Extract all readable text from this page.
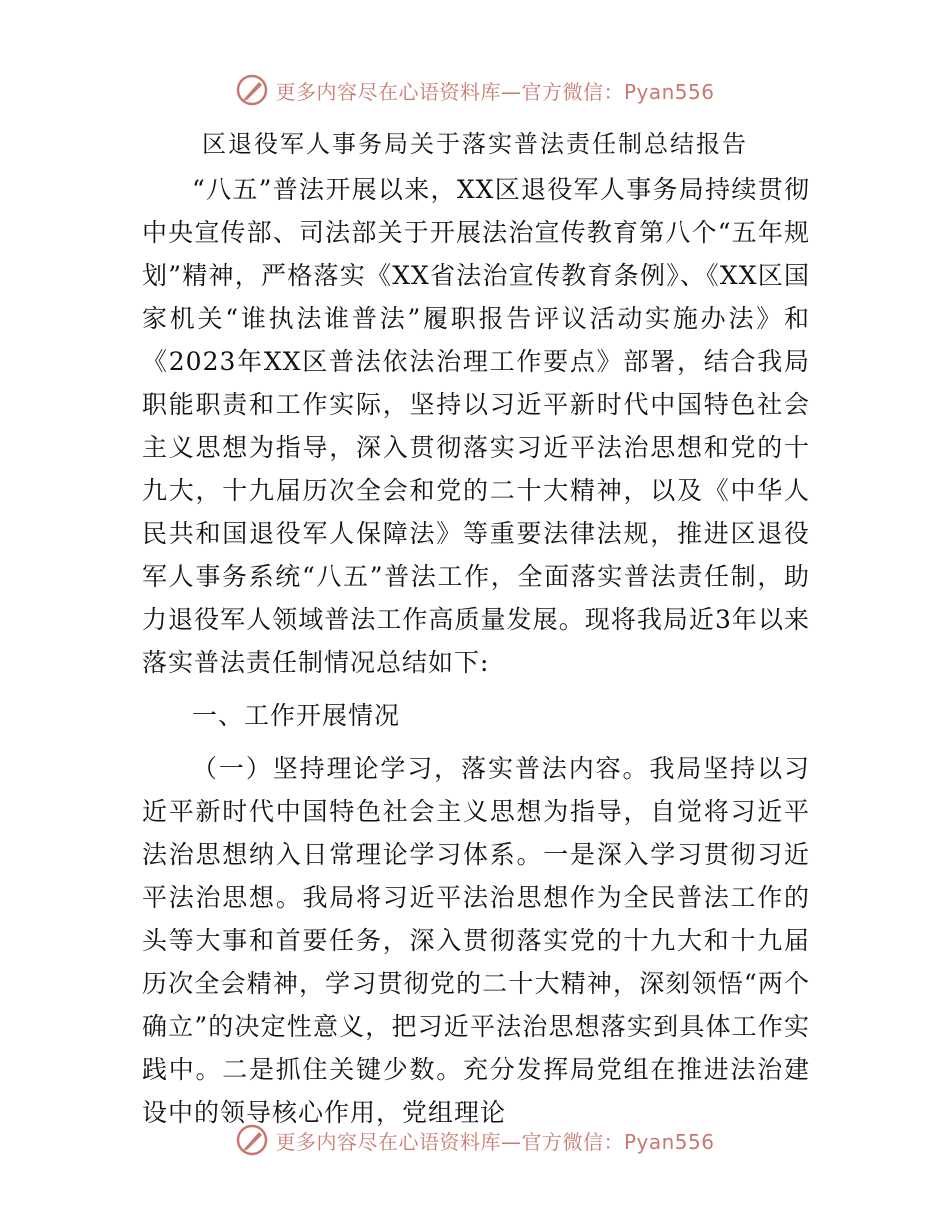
更多内容尽在心语资料库—官方微信：Pyan556
区退役军人事务局关于落实普法责任制总结报告

“八五”普法开展以来，XX区退役军人事务局持续贯彻中央宣传部、司法部关于开展法治宣传教育第八个“五年规划”精神，严格落实《XX省法治宣传教育条例》、《XX区国家机关“谁执法谁普法”履职报告评议活动实施办法》和《2023年XX区普法依法治理工作要点》部署，结合我局职能职责和工作实际，坚持以习近平新时代中国特色社会主义思想为指导，深入贯彻落实习近平法治思想和党的十九大，十九届历次全会和党的二十大精神，以及《中华人民共和国退役军人保障法》等重要法律法规，推进区退役军人事务系统“八五”普法工作，全面落实普法责任制，助力退役军人领域普法工作高质量发展。现将我局近3年以来落实普法责任制情况总结如下:

一、工作开展情况

（一）坚持理论学习，落实普法内容。我局坚持以习近平新时代中国特色社会主义思想为指导，自觉将习近平法治思想纳入日常理论学习体系。一是深入学习贯彻习近平法治思想。我局将习近平法治思想作为全民普法工作的头等大事和首要任务，深入贯彻落实党的十九大和十九届历次全会精神，学习贯彻党的二十大精神，深刻领悟“两个确立”的决定性意义，把习近平法治思想落实到具体工作实践中。二是抓住关键少数。充分发挥局党组在推进法治建设中的领导核心作用，党组理论

更多内容尽在心语资料库—官方微信：Pyan556
